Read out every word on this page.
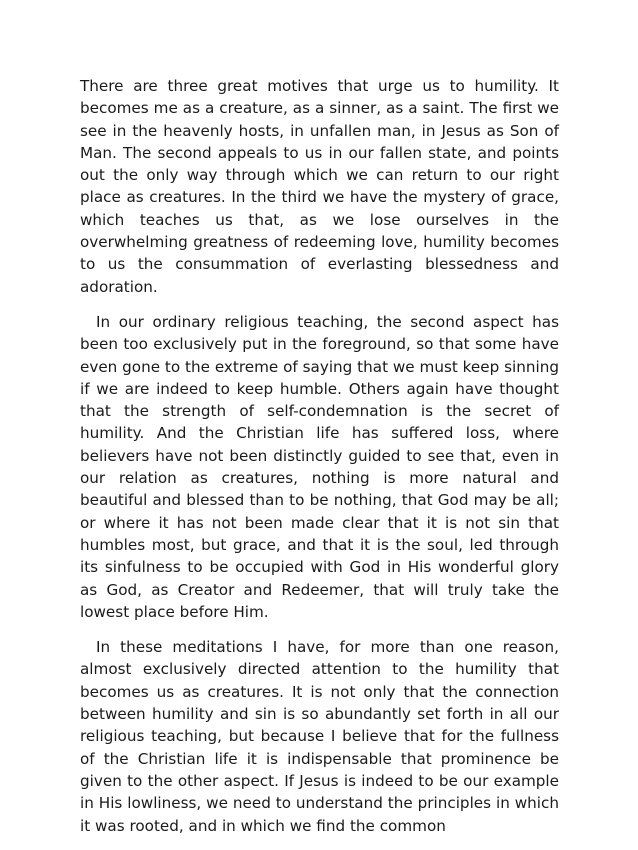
There are three great motives that urge us to humility. It becomes me as a creature, as a sinner, as a saint. The first we see in the heavenly hosts, in unfallen man, in Jesus as Son of Man. The second appeals to us in our fallen state, and points out the only way through which we can return to our right place as creatures. In the third we have the mystery of grace, which teaches us that, as we lose ourselves in the overwhelming greatness of redeeming love, humility becomes to us the consummation of everlasting blessedness and adoration.

In our ordinary religious teaching, the second aspect has been too exclusively put in the foreground, so that some have even gone to the extreme of saying that we must keep sinning if we are indeed to keep humble. Others again have thought that the strength of self-condemnation is the secret of humility. And the Christian life has suffered loss, where believers have not been distinctly guided to see that, even in our relation as creatures, nothing is more natural and beautiful and blessed than to be nothing, that God may be all; or where it has not been made clear that it is not sin that humbles most, but grace, and that it is the soul, led through its sinfulness to be occupied with God in His wonderful glory as God, as Creator and Redeemer, that will truly take the lowest place before Him.

In these meditations I have, for more than one reason, almost exclusively directed attention to the humility that becomes us as creatures. It is not only that the connection between humility and sin is so abundantly set forth in all our religious teaching, but because I believe that for the fullness of the Christian life it is indispensable that prominence be given to the other aspect. If Jesus is indeed to be our example in His lowliness, we need to understand the principles in which it was rooted, and in which we find the common
